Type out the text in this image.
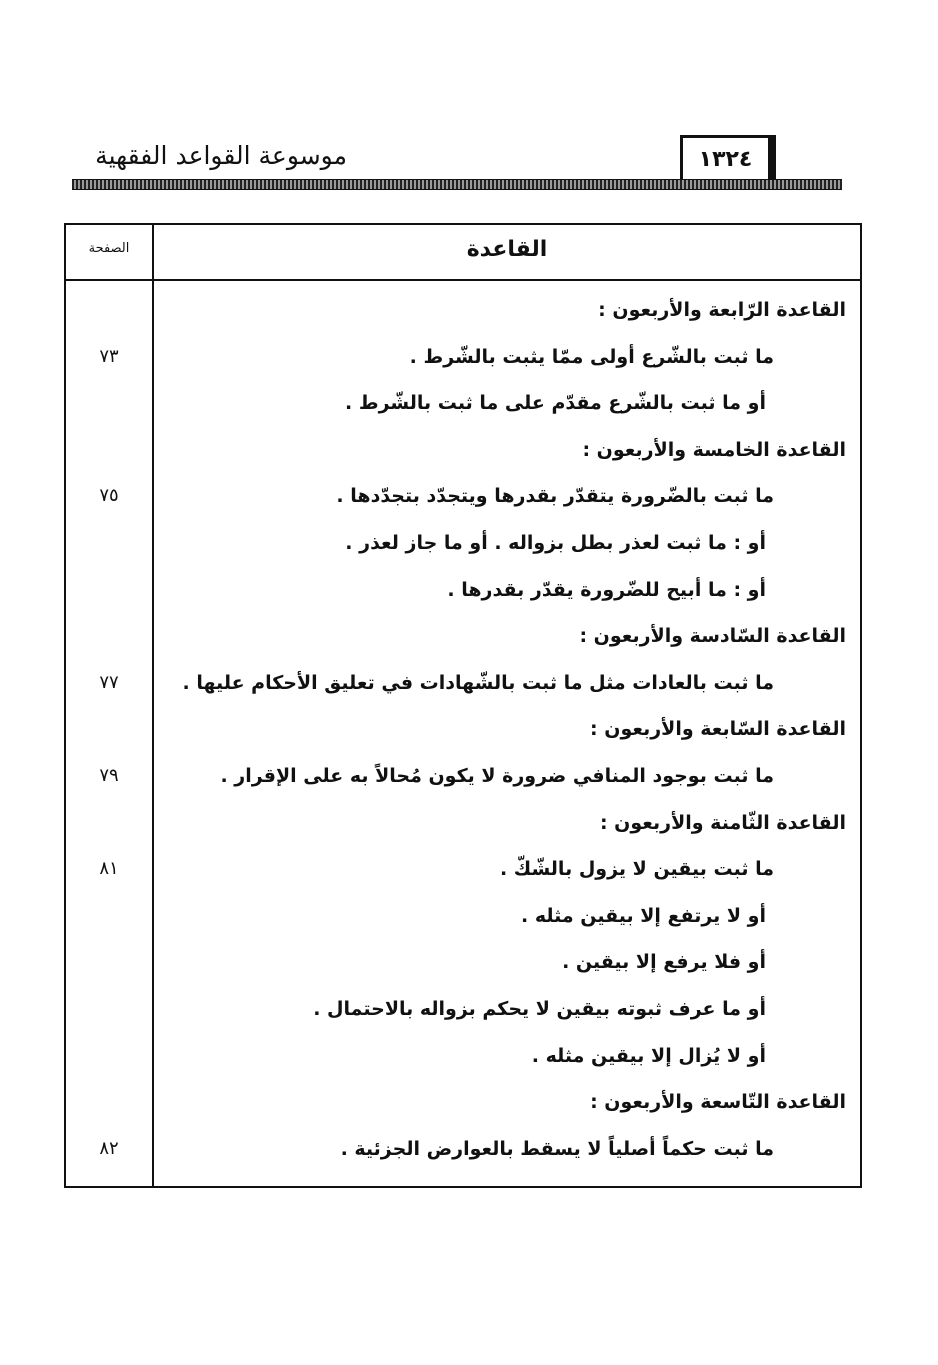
موسوعة القواعد الفقهية	١٣٢٤
الصفحة	القاعدة
القاعدة الرّابعة والأربعون :
ما ثبت بالشّرع أولى ممّا يثبت بالشّرط .
٧٣
أو ما ثبت بالشّرع مقدّم على ما ثبت بالشّرط .
القاعدة الخامسة والأربعون :
ما ثبت بالضّرورة يتقدّر بقدرها ويتجدّد بتجدّدها .
٧٥
أو : ما ثبت لعذر بطل بزواله . أو ما جاز لعذر .
أو : ما أبيح للضّرورة يقدّر بقدرها .
القاعدة السّادسة والأربعون :
ما ثبت بالعادات مثل ما ثبت بالشّهادات في تعليق الأحكام عليها .
٧٧
القاعدة السّابعة والأربعون :
ما ثبت بوجود المنافي ضرورة لا يكون مُحالاً به على الإقرار .
٧٩
القاعدة الثّامنة والأربعون :
ما ثبت بيقين لا يزول بالشّكّ .
٨١
أو لا يرتفع إلا بيقين مثله .
أو فلا يرفع إلا بيقين .
أو ما عرف ثبوته بيقين لا يحكم بزواله بالاحتمال .
أو لا يُزال إلا بيقين مثله .
القاعدة التّاسعة والأربعون :
ما ثبت حكماً أصلياً لا يسقط بالعوارض الجزئية .
٨٢
